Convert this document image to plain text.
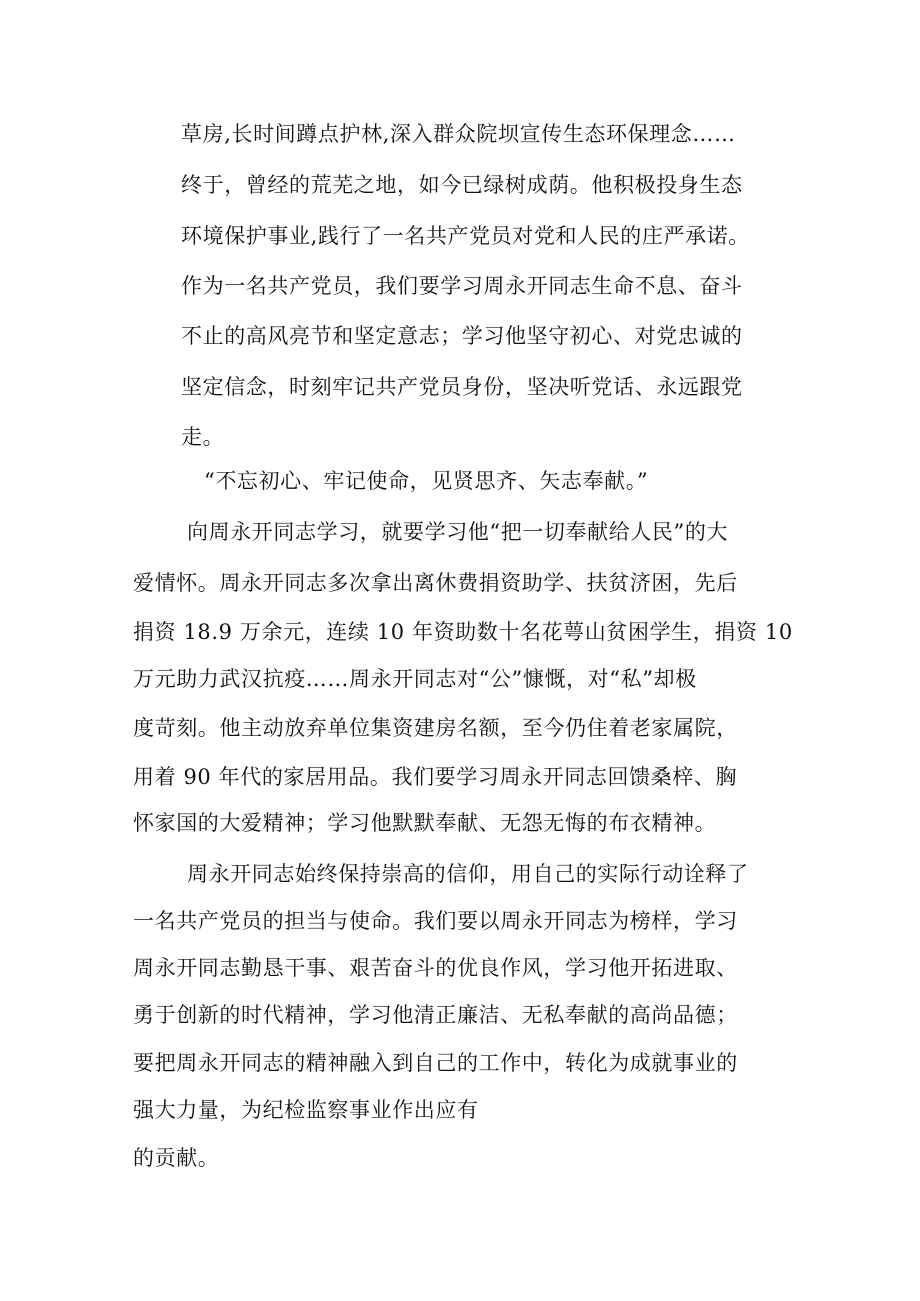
草房,长时间蹲点护林,深入群众院坝宣传生态环保理念……
终于，曾经的荒芜之地，如今已绿树成荫。他积极投身生态
环境保护事业,践行了一名共产党员对党和人民的庄严承诺。
作为一名共产党员，我们要学习周永开同志生命不息、奋斗
不止的高风亮节和坚定意志；学习他坚守初心、对党忠诚的
坚定信念，时刻牢记共产党员身份，坚决听党话、永远跟党
走。
“不忘初心、牢记使命，见贤思齐、矢志奉献。”
向周永开同志学习，就要学习他“把一切奉献给人民”的大
爱情怀。周永开同志多次拿出离休费捐资助学、扶贫济困，先后
捐资 18.9 万余元，连续 10 年资助数十名花萼山贫困学生，捐资 10
万元助力武汉抗疫……周永开同志对“公”慷慨，对“私”却极
度苛刻。他主动放弃单位集资建房名额，至今仍住着老家属院，
用着 90 年代的家居用品。我们要学习周永开同志回馈桑梓、胸
怀家国的大爱精神；学习他默默奉献、无怨无悔的布衣精神。
周永开同志始终保持崇高的信仰，用自己的实际行动诠释了
一名共产党员的担当与使命。我们要以周永开同志为榜样，学习
周永开同志勤恳干事、艰苦奋斗的优良作风，学习他开拓进取、
勇于创新的时代精神，学习他清正廉洁、无私奉献的高尚品德；
要把周永开同志的精神融入到自己的工作中，转化为成就事业的
强大力量，为纪检监察事业作出应有
的贡献。
